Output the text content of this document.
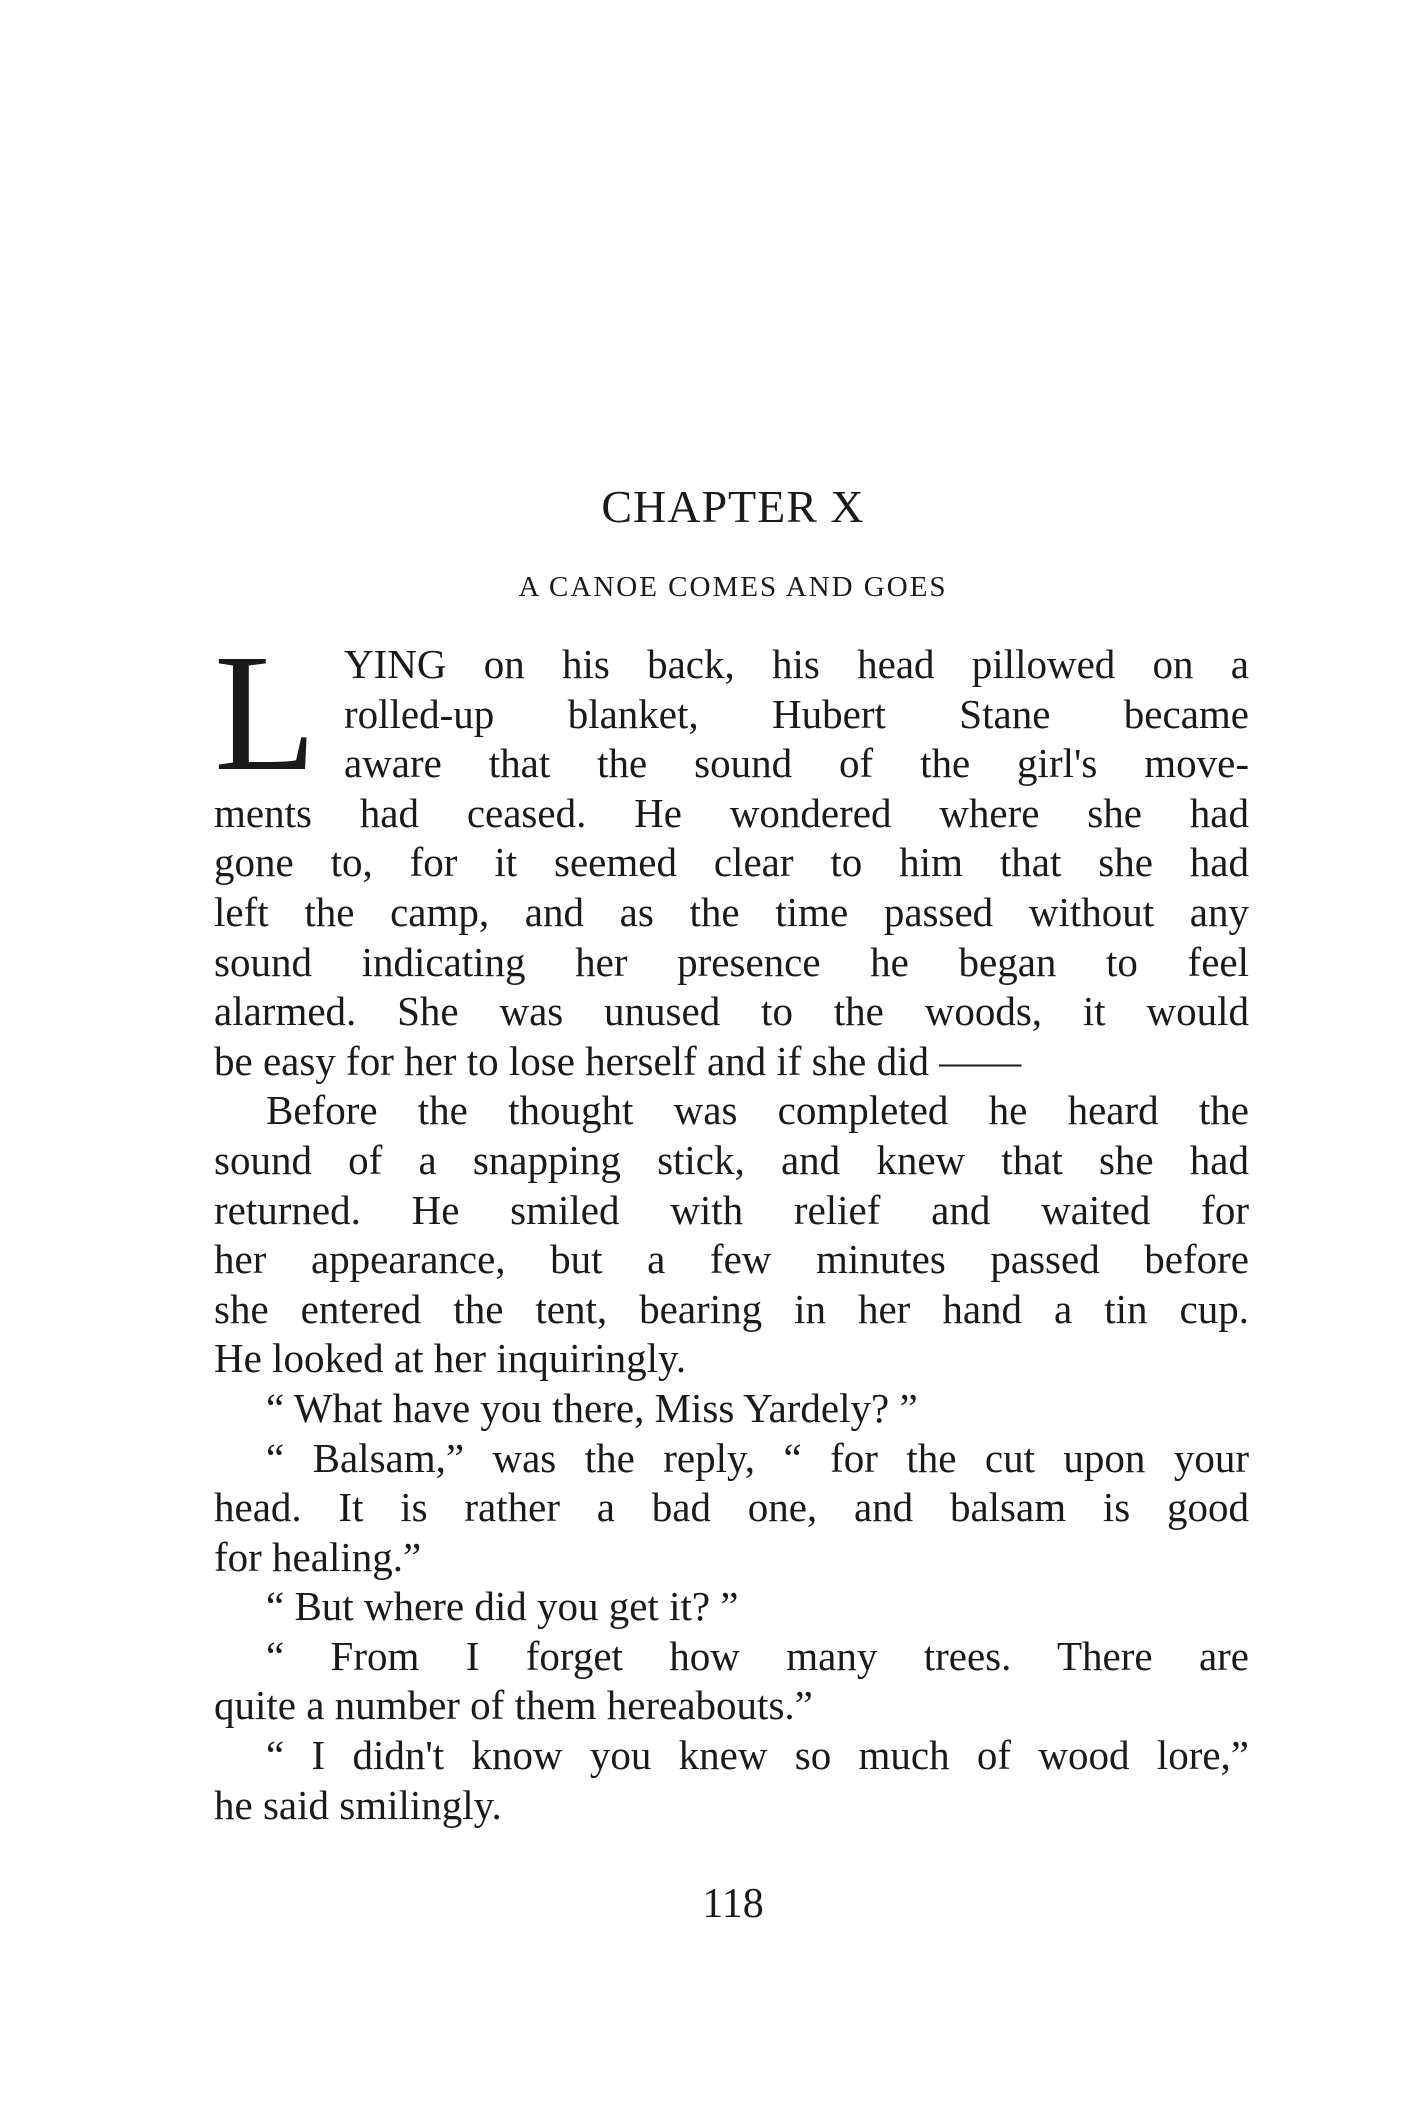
CHAPTER X
A CANOE COMES AND GOES
L YING on his back, his head pillowed on a
rolled-up blanket, Hubert Stane became
aware that the sound of the girl's move-
ments had ceased. He wondered where she had
gone to, for it seemed clear to him that she had
left the camp, and as the time passed without any
sound indicating her presence he began to feel
alarmed. She was unused to the woods, it would
be easy for her to lose herself and if she did ——
Before the thought was completed he heard the
sound of a snapping stick, and knew that she had
returned. He smiled with relief and waited for
her appearance, but a few minutes passed before
she entered the tent, bearing in her hand a tin cup.
He looked at her inquiringly.
“ What have you there, Miss Yardely? ”
“ Balsam,” was the reply, “ for the cut upon your
head. It is rather a bad one, and balsam is good
for healing.”
“ But where did you get it? ”
“ From I forget how many trees. There are
quite a number of them hereabouts.”
“ I didn't know you knew so much of wood lore,”
he said smilingly.
118
